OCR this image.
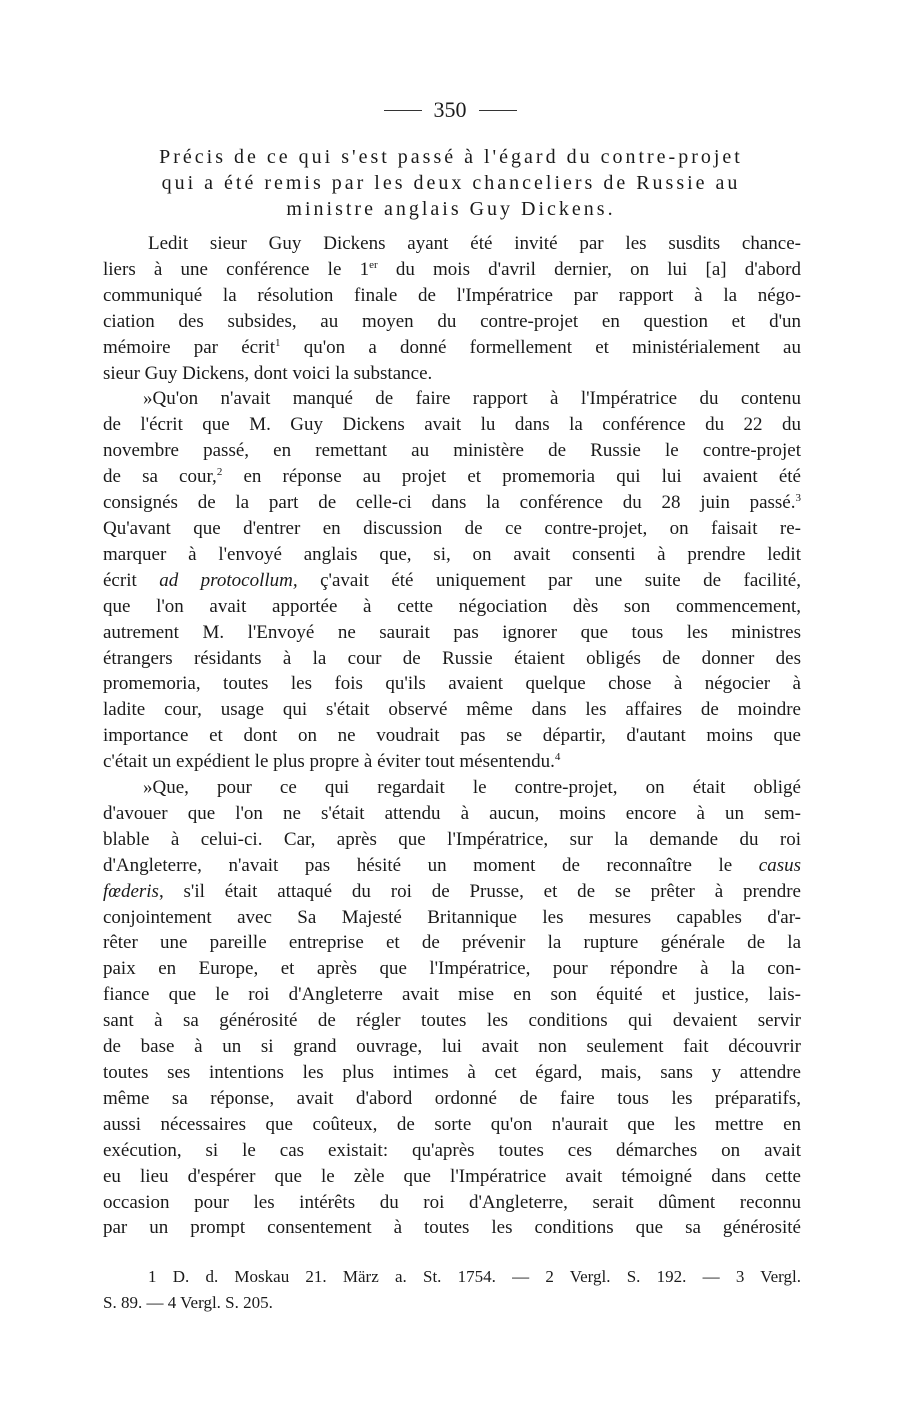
350
Précis de ce qui s'est passé à l'égard du contre-projet
qui a été remis par les deux chanceliers de Russie au
ministre anglais Guy Dickens.
Ledit sieur Guy Dickens ayant été invité par les susdits chance-
liers à une conférence le 1er du mois d'avril dernier, on lui [a] d'abord
communiqué la résolution finale de l'Impératrice par rapport à la négo-
ciation des subsides, au moyen du contre-projet en question et d'un
mémoire par écrit$^1$ qu'on a donné formellement et ministérialement au
sieur Guy Dickens, dont voici la substance.
»Qu'on n'avait manqué de faire rapport à l'Impératrice du contenu
de l'écrit que M. Guy Dickens avait lu dans la conférence du 22 du
novembre passé, en remettant au ministère de Russie le contre-projet
de sa cour,$^2$ en réponse au projet et promemoria qui lui avaient été
consignés de la part de celle-ci dans la conférence du 28 juin passé.$^3$
Qu'avant que d'entrer en discussion de ce contre-projet, on faisait re-
marquer à l'envoyé anglais que, si, on avait consenti à prendre ledit
écrit ad protocollum, ç'avait été uniquement par une suite de facilité,
que l'on avait apportée à cette négociation dès son commencement,
autrement M. l'Envoyé ne saurait pas ignorer que tous les ministres
étrangers résidants à la cour de Russie étaient obligés de donner des
promemoria, toutes les fois qu'ils avaient quelque chose à négocier à
ladite cour, usage qui s'était observé même dans les affaires de moindre
importance et dont on ne voudrait pas se départir, d'autant moins que
c'était un expédient le plus propre à éviter tout mésentendu.$^4$
»Que, pour ce qui regardait le contre-projet, on était obligé
d'avouer que l'on ne s'était attendu à aucun, moins encore à un sem-
blable à celui-ci. Car, après que l'Impératrice, sur la demande du roi
d'Angleterre, n'avait pas hésité un moment de reconnaître le casus
fœderis, s'il était attaqué du roi de Prusse, et de se prêter à prendre
conjointement avec Sa Majesté Britannique les mesures capables d'ar-
rêter une pareille entreprise et de prévenir la rupture générale de la
paix en Europe, et après que l'Impératrice, pour répondre à la con-
fiance que le roi d'Angleterre avait mise en son équité et justice, lais-
sant à sa générosité de régler toutes les conditions qui devaient servir
de base à un si grand ouvrage, lui avait non seulement fait découvrir
toutes ses intentions les plus intimes à cet égard, mais, sans y attendre
même sa réponse, avait d'abord ordonné de faire tous les préparatifs,
aussi nécessaires que coûteux, de sorte qu'on n'aurait que les mettre en
exécution, si le cas existait: qu'après toutes ces démarches on avait
eu lieu d'espérer que le zèle que l'Impératrice avait témoigné dans cette
occasion pour les intérêts du roi d'Angleterre, serait dûment reconnu
par un prompt consentement à toutes les conditions que sa générosité
1 D. d. Moskau 21. März a. St. 1754. — 2 Vergl. S. 192. — 3 Vergl.
S. 89. — 4 Vergl. S. 205.
